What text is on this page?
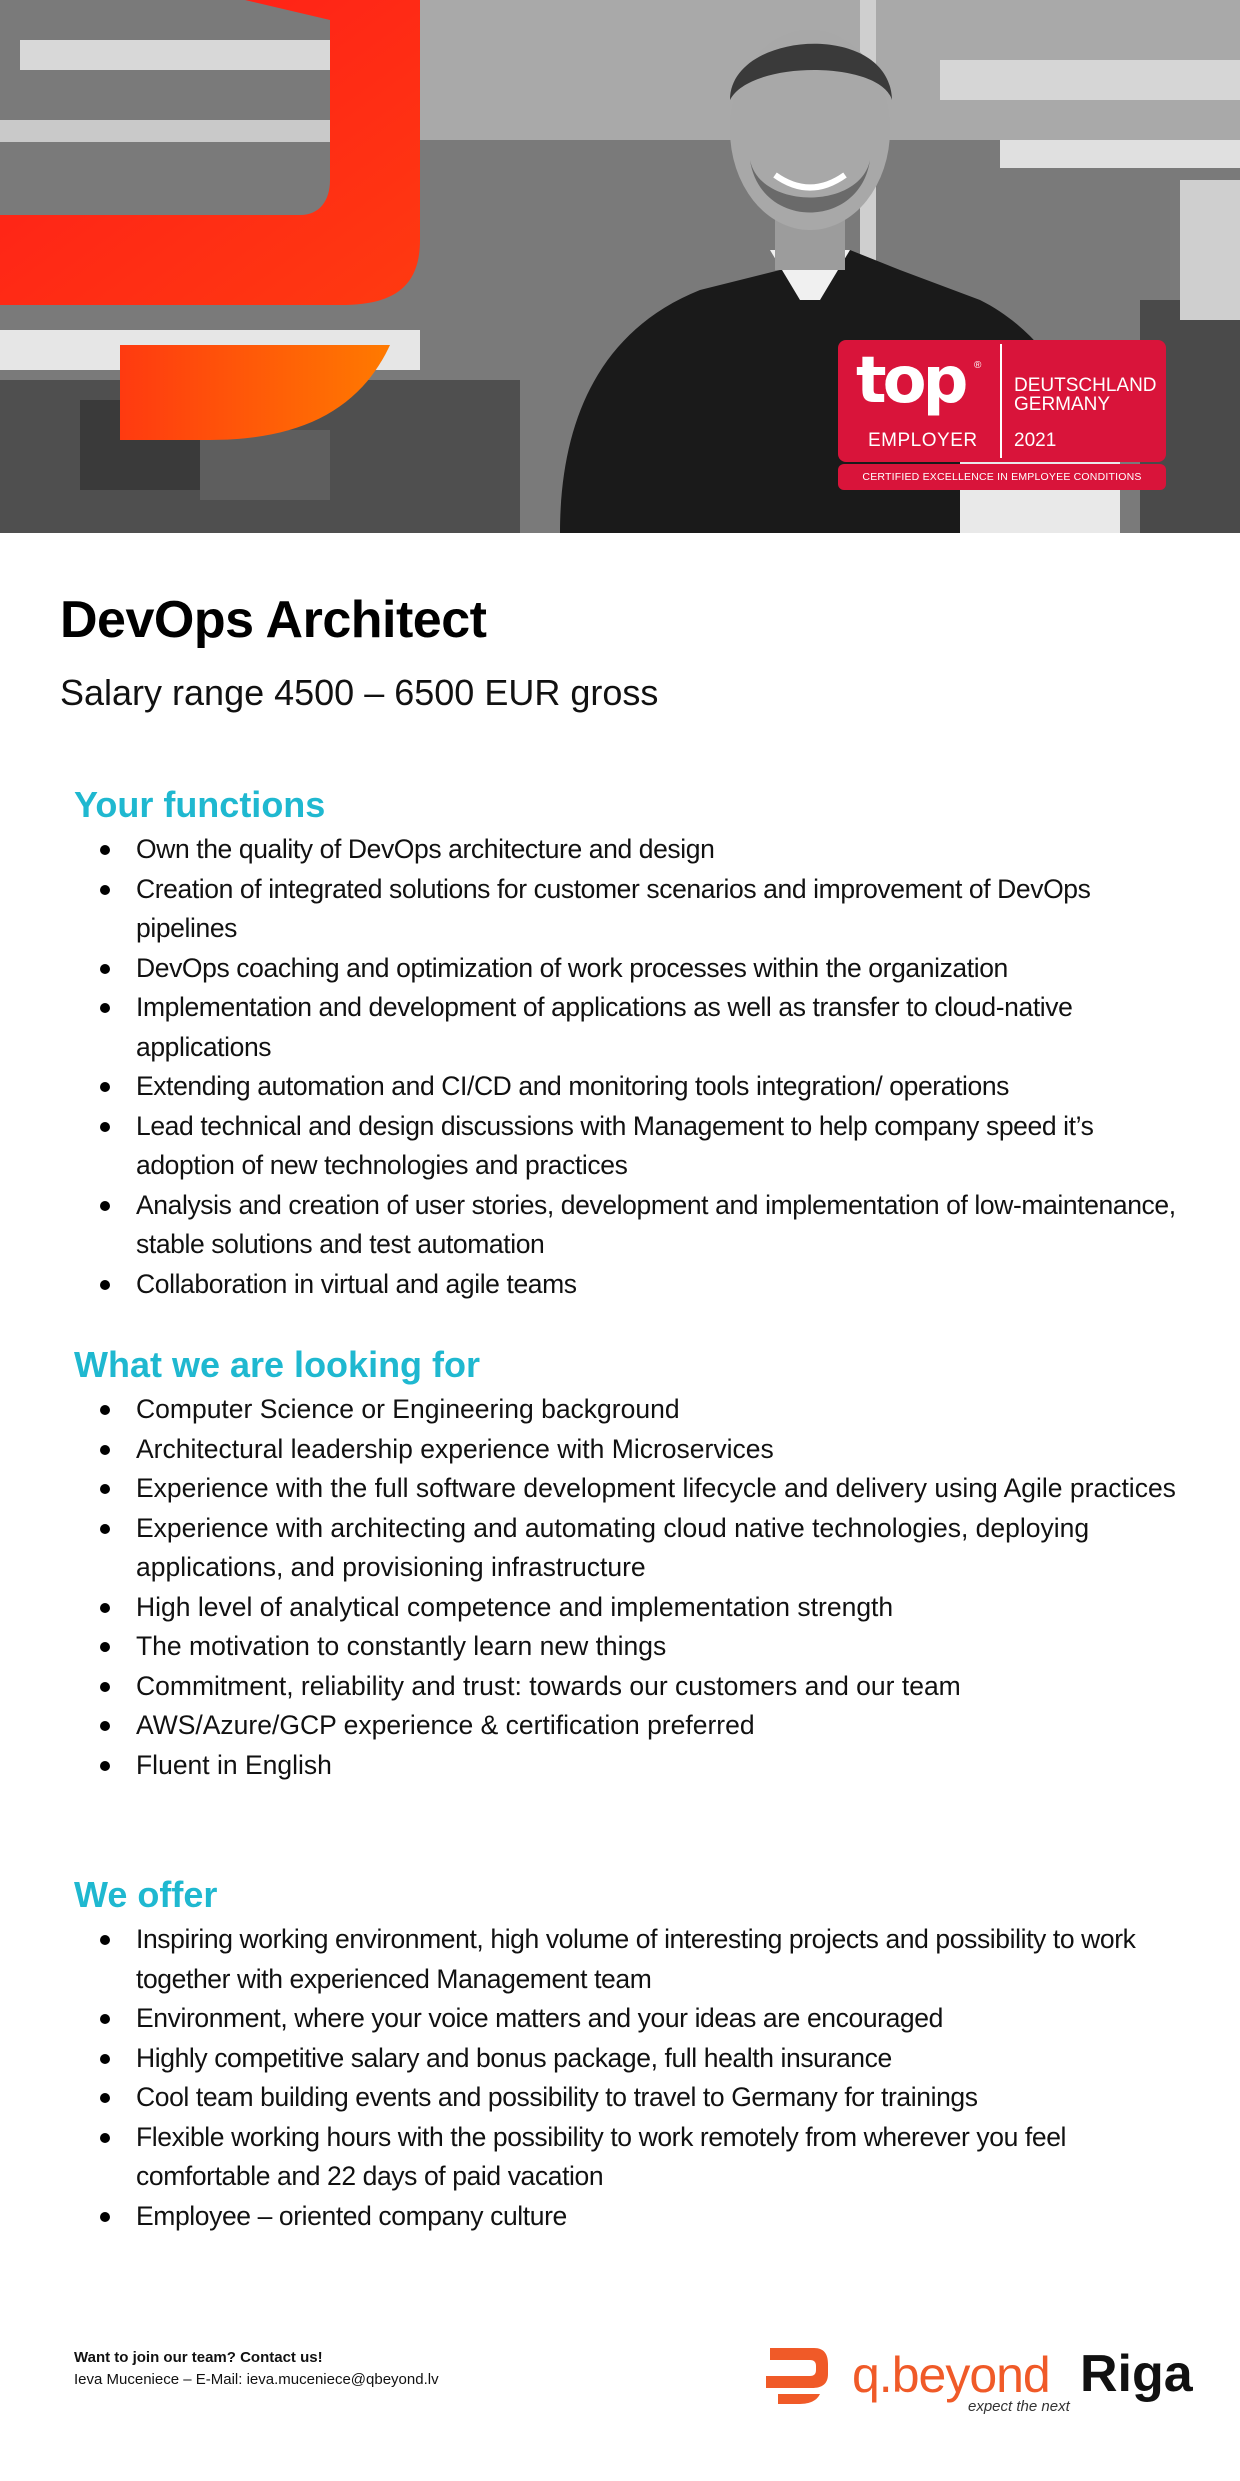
top ®
EMPLOYER
DEUTSCHLAND GERMANY
2021
CERTIFIED EXCELLENCE IN EMPLOYEE CONDITIONS
DevOps Architect

Salary range 4500 – 6500 EUR gross

Your functions
Own the quality of DevOps architecture and design
Creation of integrated solutions for customer scenarios and improvement of DevOps pipelines
DevOps coaching and optimization of work processes within the organization
Implementation and development of applications as well as transfer to cloud-native applications
Extending automation and CI/CD and monitoring tools integration/ operations
Lead technical and design discussions with Management to help company speed it’s adoption of new technologies and practices
Analysis and creation of user stories, development and implementation of low-maintenance, stable solutions and test automation
Collaboration in virtual and agile teams
What we are looking for
Computer Science or Engineering background
Architectural leadership experience with Microservices
Experience with the full software development lifecycle and delivery using Agile practices
Experience with architecting and automating cloud native technologies, deploying applications, and provisioning infrastructure
High level of analytical competence and implementation strength
The motivation to constantly learn new things
Commitment, reliability and trust: towards our customers and our team
AWS/Azure/GCP experience & certification preferred
Fluent in English
We offer
Inspiring working environment, high volume of interesting projects and possibility to work together with experienced Management team
Environment, where your voice matters and your ideas are encouraged
Highly competitive salary and bonus package, full health insurance
Cool team building events and possibility to travel to Germany for trainings
Flexible working hours with the possibility to work remotely from wherever you feel comfortable and 22 days of paid vacation
Employee – oriented company culture
Want to join our team? Contact us!
Ieva Muceniece – E-Mail: ieva.muceniece@qbeyond.lv	q.beyond Riga
expect the next
